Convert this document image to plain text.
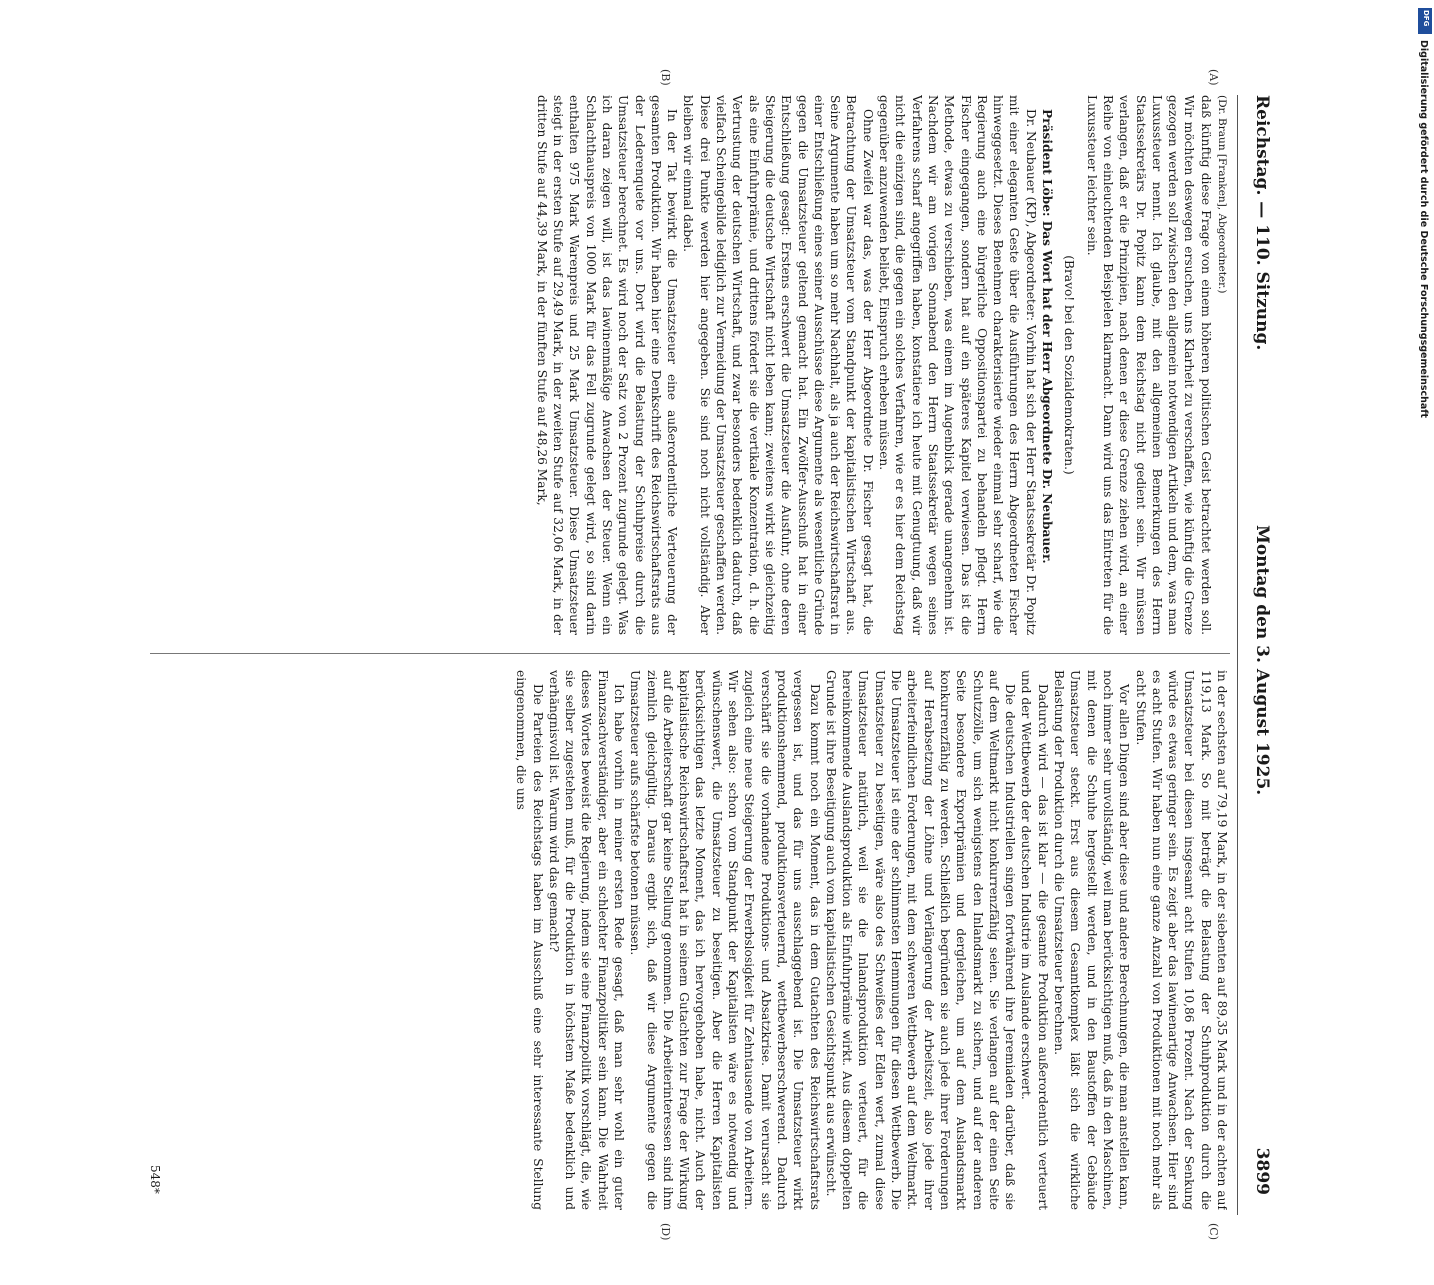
Reichstag. — 110. Sitzung.
Montag den 3. August 1925.
3899

(Dr. Braun [Franken], Abgeordneter.)

daß künftig diese Frage von einem höheren politischen Geist betrachtet werden soll. Wir möchten deswegen ersuchen, uns Klarheit zu verschaffen, wie künftig die Grenze gezogen werden soll zwischen den allgemein notwendigen Artikeln und dem, was man Luxussteuer nennt. Ich glaube, mit den allgemeinen Bemerkungen des Herrn Staatssekretärs Dr. Popitz kann dem Reichstag nicht gedient sein. Wir müssen verlangen, daß er die Prinzipien, nach denen er diese Grenze ziehen wird, an einer Reihe von einleuchtenden Beispielen klarmacht. Dann wird uns das Eintreten für die Luxussteuer leichter sein.

(Bravo! bei den Sozialdemokraten.)

Präsident Löbe: Das Wort hat der Herr Abgeordnete Dr. Neubauer.

Dr. Neubauer (KP), Abgeordneter: Vorhin hat sich der Herr Staatssekretär Dr. Popitz mit einer eleganten Geste über die Ausführungen des Herrn Abgeordneten Fischer hinweggesetzt. Dieses Benehmen charakterisierte wieder einmal sehr scharf, wie die Regierung auch eine bürgerliche Oppositionspartei zu behandeln pflegt. Herrn Fischer eingegangen, sondern hat auf ein späteres Kapitel verwiesen. Das ist die Methode, etwas zu verschieben, was einem im Augenblick gerade unangenehm ist. Nachdem wir am vorigen Sonnabend den Herrn Staatssekretär wegen seines Verfahrens scharf angegriffen haben, konstatiere ich heute mit Genugtuung, daß wir nicht die einzigen sind, die gegen ein solches Verfahren, wie er es hier dem Reichstag gegenüber anzuwenden beliebt, Einspruch erheben müssen.

Ohne Zweifel war das, was der Herr Abgeordnete Dr. Fischer gesagt hat, die Betrachtung der Umsatzsteuer vom Standpunkt der kapitalistischen Wirtschaft aus. Seine Argumente haben um so mehr Nachhalt, als ja auch der Reichswirtschaftsrat in einer Entschließung eines seiner Ausschüsse diese Argumente als wesentliche Gründe gegen die Umsatzsteuer geltend gemacht hat. Ein Zwölfer-Ausschuß hat in einer Entschließung gesagt: Erstens erschwert die Umsatzsteuer die Ausfuhr, ohne deren Steigerung die deutsche Wirtschaft nicht leben kann; zweitens wirkt sie gleichzeitig als eine Einfuhrprämie, und drittens fördert sie die vertikale Konzentration, d. h. die Vertrustung der deutschen Wirtschaft, und zwar besonders bedenklich dadurch, daß vielfach Scheingebilde lediglich zur Vermeidung der Umsatzsteuer geschaffen werden. Diese drei Punkte werden hier angegeben. Sie sind noch nicht vollständig. Aber bleiben wir einmal dabei.

In der Tat bewirkt die Umsatzsteuer eine außerordentliche Verteuerung der gesamten Produktion. Wir haben hier eine Denkschrift des Reichswirtschaftsrats aus der Lederenquete vor uns. Dort wird die Belastung der Schuhpreise durch die Umsatzsteuer berechnet. Es wird noch der Satz von 2 Prozent zugrunde gelegt. Was ich daran zeigen will, ist das lawinenmäßige Anwachsen der Steuer. Wenn ein Schlachthauspreis von 1000 Mark für das Fell zugrunde gelegt wird, so sind darin enthalten 975 Mark Warenpreis und 25 Mark Umsatzsteuer. Diese Umsatzsteuer steigt in der ersten Stufe auf 29,49 Mark, in der zweiten Stufe auf 32,06 Mark, in der dritten Stufe auf 44,39 Mark, in der fünften Stufe auf 48,26 Mark,

in der sechsten auf 79,19 Mark, in der siebenten auf 89,35 Mark und in der achten auf 119,13 Mark. So mit beträgt die Belastung der Schuhproduktion durch die Umsatzsteuer bei diesen insgesamt acht Stufen 10,86 Prozent. Nach der Senkung würde es etwas geringer sein. Es zeigt aber das lawinenartige Anwachsen. Hier sind es acht Stufen. Wir haben nun eine ganze Anzahl von Produktionen mit noch mehr als acht Stufen.

Vor allen Dingen sind aber diese und andere Berechnungen, die man anstellen kann, noch immer sehr unvollständig, weil man berücksichtigen muß, daß in den Maschinen, mit denen die Schuhe hergestellt werden, und in den Baustoffen der Gebäude Umsatzsteuer steckt. Erst aus diesem Gesamtkomplex läßt sich die wirkliche Belastung der Produktion durch die Umsatzsteuer berechnen.

Dadurch wird — das ist klar — die gesamte Produktion außerordentlich verteuert und der Wettbewerb der deutschen Industrie im Auslande erschwert.

Die deutschen Industriellen singen fortwährend ihre Jeremiaden darüber, daß sie auf dem Weltmarkt nicht konkurrenzfähig seien. Sie verlangen auf der einen Seite Schutzzölle, um sich wenigstens den Inlandsmarkt zu sichern, und auf der anderen Seite besondere Exportprämien und dergleichen, um auf dem Auslandsmarkt konkurrenzfähig zu werden. Schließlich begründen sie auch jede ihrer Forderungen auf Herabsetzung der Löhne und Verlängerung der Arbeitszeit, also jede ihrer arbeiterfeindlichen Forderungen, mit dem schweren Wettbewerb auf dem Weltmarkt. Die Umsatzsteuer ist eine der schlimmsten Hemmungen für diesen Wettbewerb. Die Umsatzsteuer zu beseitigen, wäre also des Schweißes der Edlen wert, zumal diese Umsatzsteuer natürlich, weil sie die Inlandsproduktion verteuert, für die hereinkommende Auslandsproduktion als Einfuhrprämie wirkt. Aus diesem doppelten Grunde ist ihre Beseitigung auch vom kapitalistischen Gesichtspunkt aus erwünscht.

Dazu kommt noch ein Moment, das in dem Gutachten des Reichswirtschaftsrats vergessen ist, und das für uns ausschlaggebend ist. Die Umsatzsteuer wirkt produktionshemmend, produktionsverteuernd, wettbewerbserschwerend. Dadurch verschärft sie die vorhandene Produktions- und Absatzkrise. Damit verursacht sie zugleich eine neue Steigerung der Erwerbslosigkeit für Zehntausende von Arbeitern. Wir sehen also: schon vom Standpunkt der Kapitalisten wäre es notwendig und wünschenswert, die Umsatzsteuer zu beseitigen. Aber die Herren Kapitalisten berücksichtigen das letzte Moment, das ich hervorgehoben habe, nicht. Auch der kapitalistische Reichswirtschaftsrat hat in seinem Gutachten zur Frage der Wirkung auf die Arbeiterschaft gar keine Stellung genommen. Die Arbeiterinteressen sind ihm ziemlich gleichgültig. Daraus ergibt sich, daß wir diese Argumente gegen die Umsatzsteuer aufs schärfste betonen müssen.

Ich habe vorhin in meiner ersten Rede gesagt, daß man sehr wohl ein guter Finanzsachverständiger, aber ein schlechter Finanzpolitiker sein kann. Die Wahrheit dieses Wortes beweist die Regierung, indem sie eine Finanzpolitik vorschlägt, die, wie sie selber zugestehen muß, für die Produktion in höchstem Maße bedenklich und verhängnisvoll ist. Warum wird das gemacht?

Die Parteien des Reichstags haben im Ausschuß eine sehr interessante Stellung eingenommen, die uns

(A)
(B)
(C)
(D)
548*
DFG
Digitalisierung gefördert durch die Deutsche Forschungsgemeinschaft
